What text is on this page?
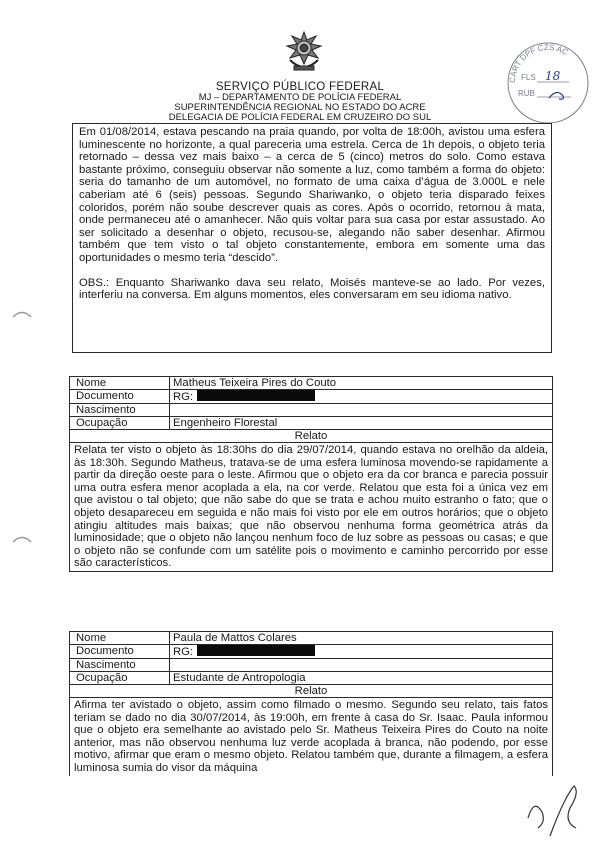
SERVIÇO PÚBLICO FEDERAL
MJ – DEPARTAMENTO DE POLÍCIA FEDERAL
SUPERINTENDÊNCIA REGIONAL NO ESTADO DO ACRE
DELEGACIA DE POLÍCIA FEDERAL EM CRUZEIRO DO SUL
CART DPF CZS AC
FLS 18
RUB
Em 01/08/2014, estava pescando na praia quando, por volta de 18:00h, avistou uma esfera luminescente no horizonte, a qual pareceria uma estrela. Cerca de 1h depois, o objeto teria retornado – dessa vez mais baixo – a cerca de 5 (cinco) metros do solo. Como estava bastante próximo, conseguiu observar não somente a luz, como também a forma do objeto: seria do tamanho de um automóvel, no formato de uma caixa d’água de 3.000L e nele caberiam até 6 (seis) pessoas. Segundo Shariwanko, o objeto teria disparado feixes coloridos, porém não soube descrever quais as cores. Após o ocorrido, retornou à mata, onde permaneceu até o amanhecer. Não quis voltar para sua casa por estar assustado. Ao ser solicitado a desenhar o objeto, recusou-se, alegando não saber desenhar. Afirmou também que tem visto o tal objeto constantemente, embora em somente uma das oportunidades o mesmo teria “descido”.
OBS.: Enquanto Shariwanko dava seu relato, Moisés manteve-se ao lado. Por vezes, interferiu na conversa. Em alguns momentos, eles conversaram em seu idioma nativo.
Nome	Matheus Teixeira Pires do Couto
Documento	RG:
Nascimento	
Ocupação	Engenheiro Florestal
Relato	
Relata ter visto o objeto às 18:30hs do dia 29/07/2014, quando estava no orelhão da aldeia, às 18:30h. Segundo Matheus, tratava-se de uma esfera luminosa movendo-se rapidamente a partir da direção oeste para o leste. Afirmou que o objeto era da cor branca e parecia possuir uma outra esfera menor acoplada a ela, na cor verde. Relatou que esta foi a única vez em que avistou o tal objeto; que não sabe do que se trata e achou muito estranho o fato; que o objeto desapareceu em seguida e não mais foi visto por ele em outros horários; que o objeto atingiu altitudes mais baixas; que não observou nenhuma forma geométrica atrás da luminosidade; que o objeto não lançou nenhum foco de luz sobre as pessoas ou casas; e que o objeto não se confunde com um satélite pois o movimento e caminho percorrido por esse são característicos.	
Nome	Paula de Mattos Colares
Documento	RG:
Nascimento	
Ocupação	Estudante de Antropologia
Relato	
Afirma ter avistado o objeto, assim como filmado o mesmo. Segundo seu relato, tais fatos teriam se dado no dia 30/07/2014, às 19:00h, em frente à casa do Sr. Isaac. Paula informou que o objeto era semelhante ao avistado pelo Sr. Matheus Teixeira Pires do Couto na noite anterior, mas não observou nenhuma luz verde acoplada à branca, não podendo, por esse motivo, afirmar que eram o mesmo objeto. Relatou também que, durante a filmagem, a esfera luminosa sumia do visor da máquina	
